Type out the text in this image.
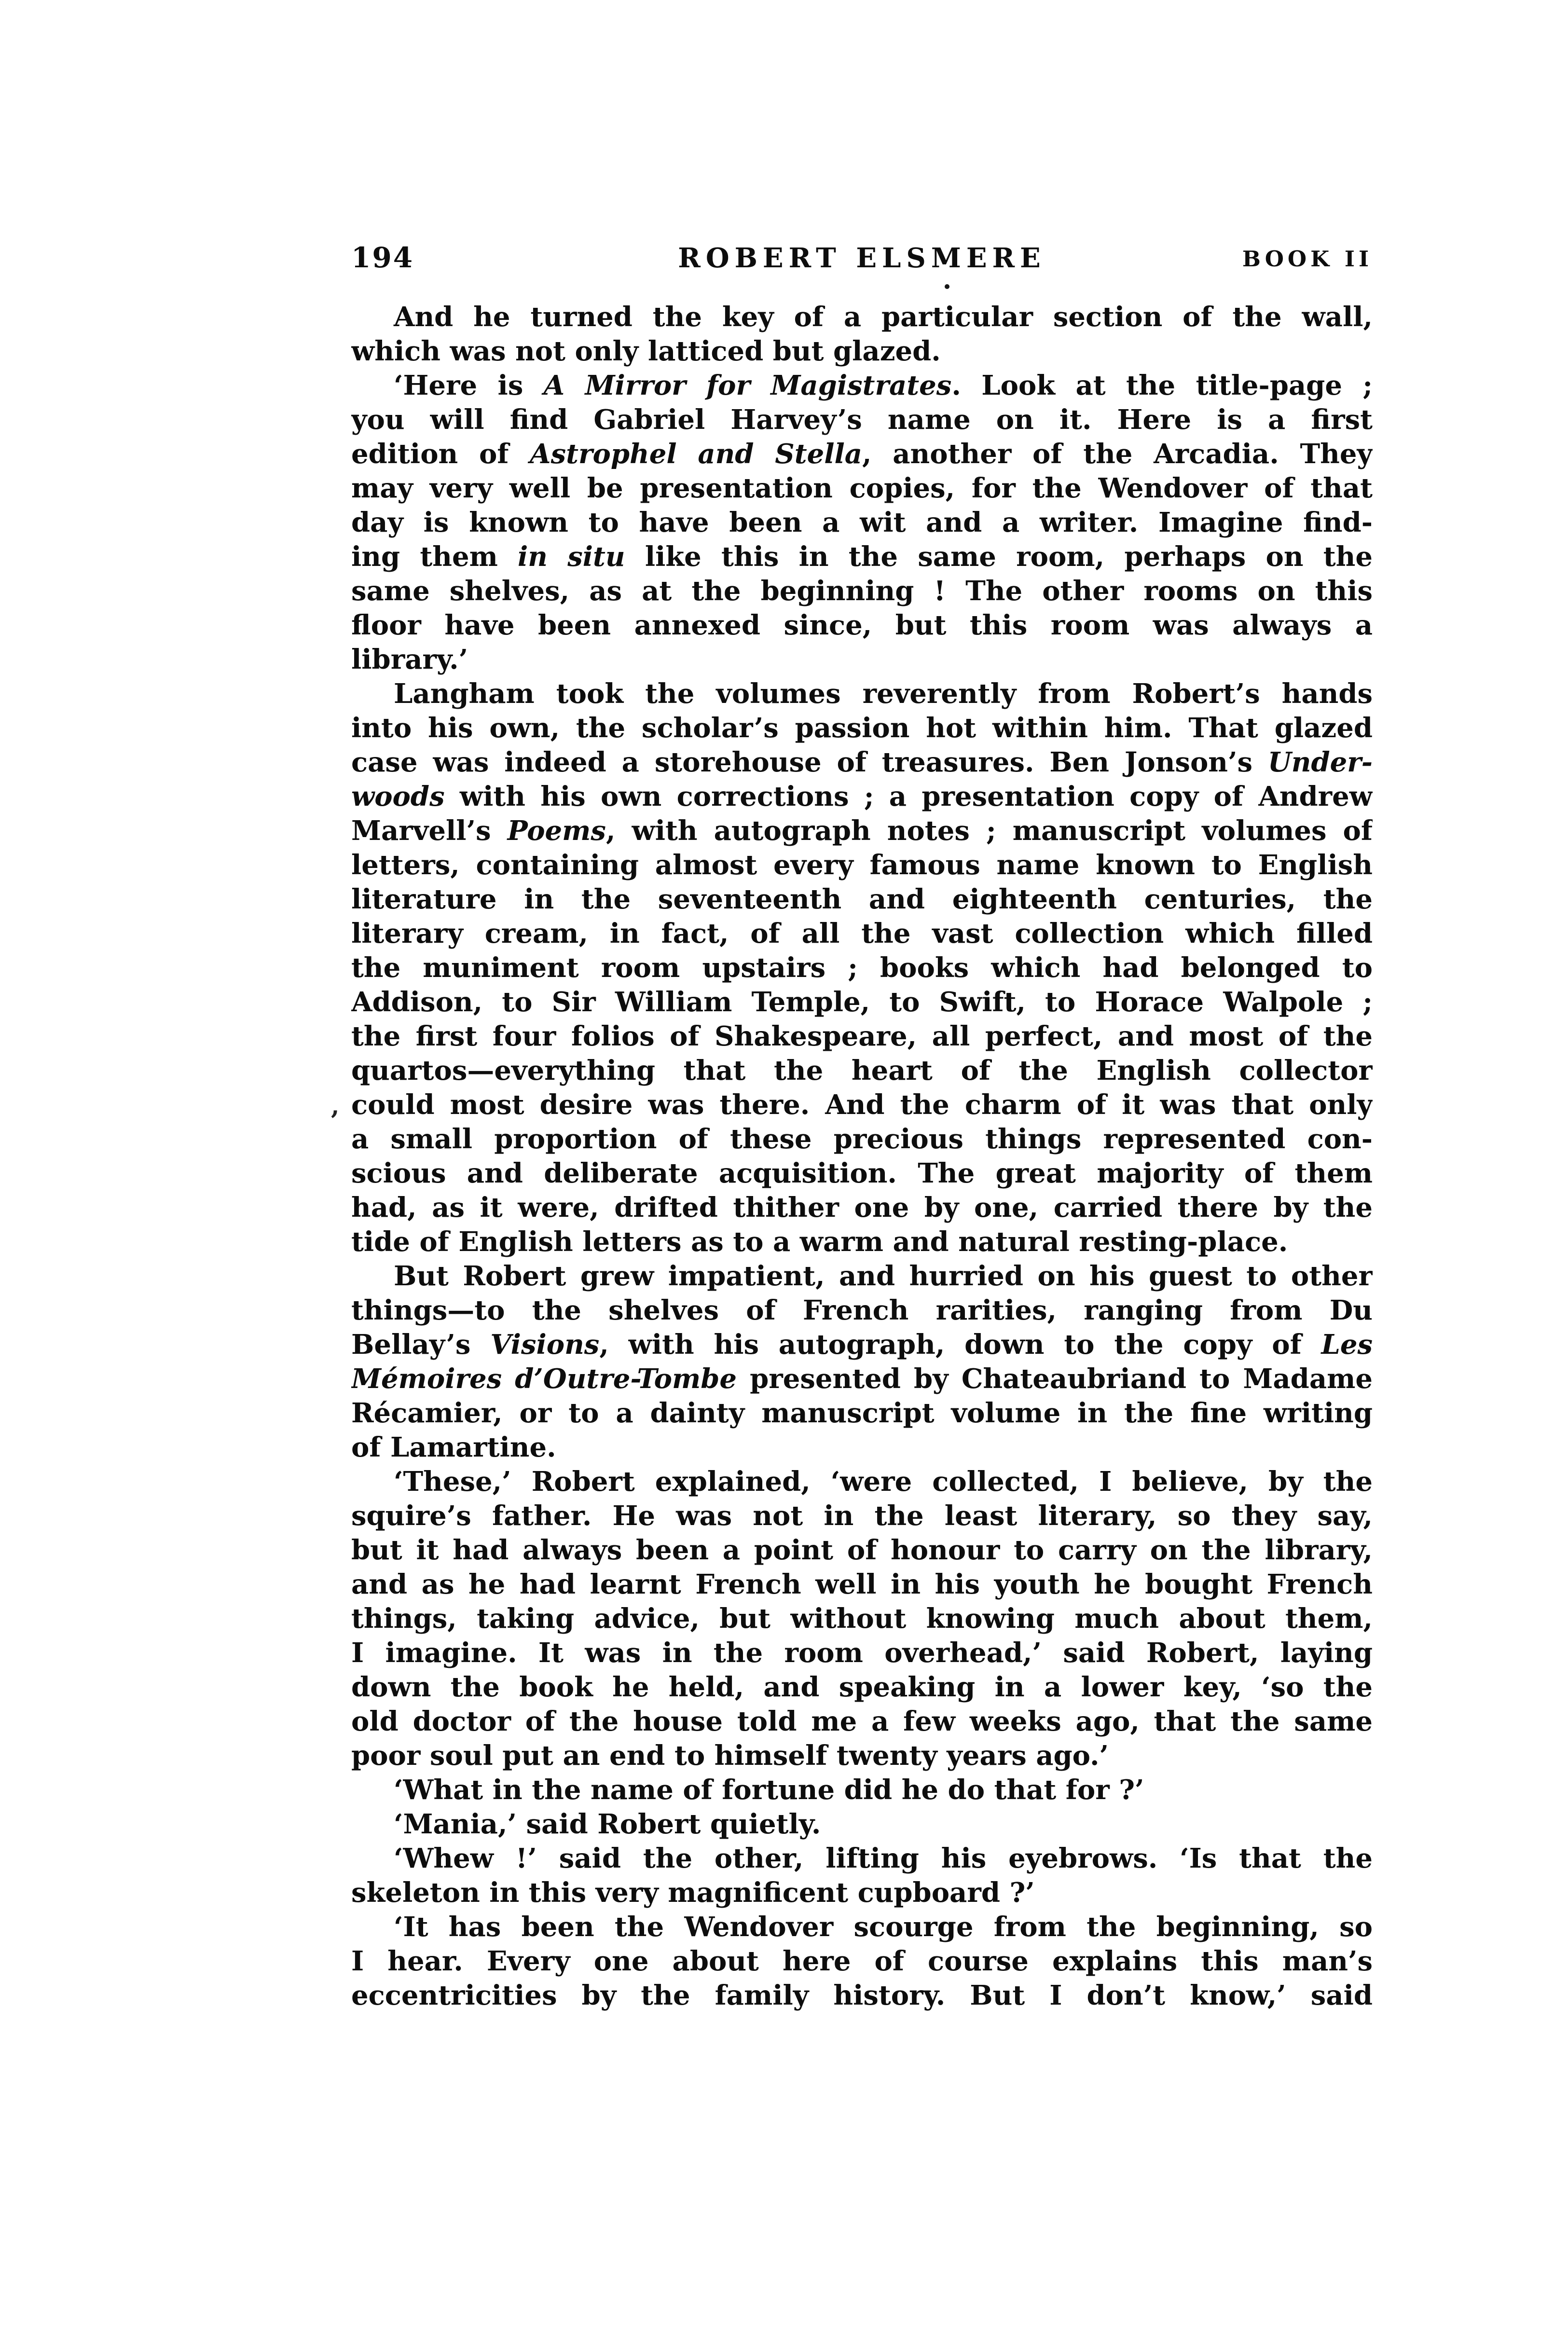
194	ROBERT ELSMERE	BOOK II
And he turned the key of a particular section of the wall,
which was not only latticed but glazed.
‘Here is A Mirror for Magistrates. Look at the title-page ;
you will find Gabriel Harvey’s name on it. Here is a first
edition of Astrophel and Stella, another of the Arcadia. They
may very well be presentation copies, for the Wendover of that
day is known to have been a wit and a writer. Imagine find-
ing them in situ like this in the same room, perhaps on the
same shelves, as at the beginning ! The other rooms on this
floor have been annexed since, but this room was always a
library.’
Langham took the volumes reverently from Robert’s hands
into his own, the scholar’s passion hot within him. That glazed
case was indeed a storehouse of treasures. Ben Jonson’s Under-
woods with his own corrections ; a presentation copy of Andrew
Marvell’s Poems, with autograph notes ; manuscript volumes of
letters, containing almost every famous name known to English
literature in the seventeenth and eighteenth centuries, the
literary cream, in fact, of all the vast collection which filled
the muniment room upstairs ; books which had belonged to
Addison, to Sir William Temple, to Swift, to Horace Walpole ;
the first four folios of Shakespeare, all perfect, and most of the
quartos—everything that the heart of the English collector
could most desire was there. And the charm of it was that only
a small proportion of these precious things represented con-
scious and deliberate acquisition. The great majority of them
had, as it were, drifted thither one by one, carried there by the
tide of English letters as to a warm and natural resting-place.
But Robert grew impatient, and hurried on his guest to other
things—to the shelves of French rarities, ranging from Du
Bellay’s Visions, with his autograph, down to the copy of Les
Mémoires d’Outre-Tombe presented by Chateaubriand to Madame
Récamier, or to a dainty manuscript volume in the fine writing
of Lamartine.
‘These,’ Robert explained, ‘were collected, I believe, by the
squire’s father. He was not in the least literary, so they say,
but it had always been a point of honour to carry on the library,
and as he had learnt French well in his youth he bought French
things, taking advice, but without knowing much about them,
I imagine. It was in the room overhead,’ said Robert, laying
down the book he held, and speaking in a lower key, ‘so the
old doctor of the house told me a few weeks ago, that the same
poor soul put an end to himself twenty years ago.’
‘What in the name of fortune did he do that for ?’
‘Mania,’ said Robert quietly.
‘Whew !’ said the other, lifting his eyebrows. ‘Is that the
skeleton in this very magnificent cupboard ?’
‘It has been the Wendover scourge from the beginning, so
I hear. Every one about here of course explains this man’s
eccentricities by the family history. But I don’t know,’ said
,
